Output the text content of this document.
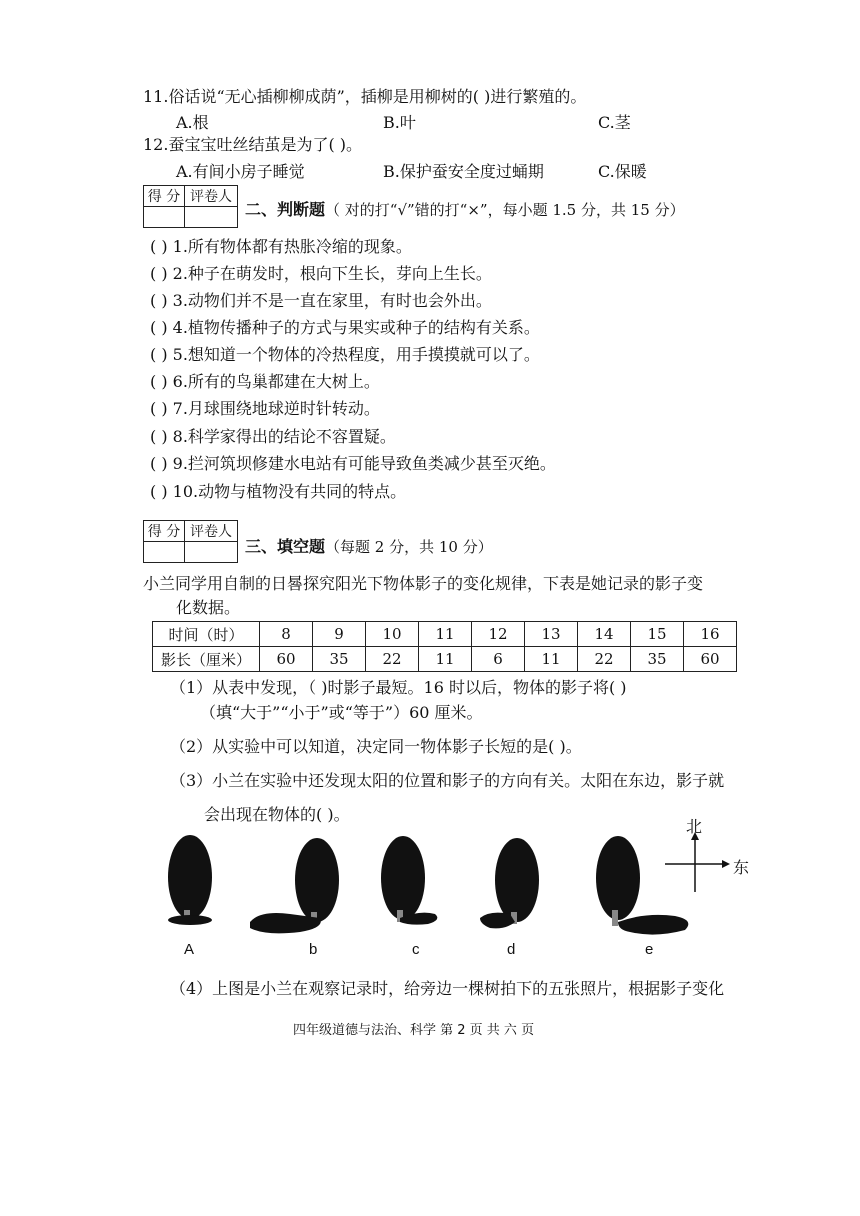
11.俗话说“无心插柳柳成荫”，插柳是用柳树的( )进行繁殖的。
A.根	B.叶	C.茎
12.蚕宝宝吐丝结茧是为了( )。
A.有间小房子睡觉	B.保护蚕安全度过蛹期	C.保暖
得 分	评卷人

二、判断题（ 对的打“√”错的打“×”，每小题 1.5 分，共 15 分）
( ) 1.所有物体都有热胀冷缩的现象。
( ) 2.种子在萌发时，根向下生长，芽向上生长。
( ) 3.动物们并不是一直在家里，有时也会外出。
( ) 4.植物传播种子的方式与果实或种子的结构有关系。
( ) 5.想知道一个物体的冷热程度，用手摸摸就可以了。
( ) 6.所有的鸟巢都建在大树上。
( ) 7.月球围绕地球逆时针转动。
( ) 8.科学家得出的结论不容置疑。
( ) 9.拦河筑坝修建水电站有可能导致鱼类减少甚至灭绝。
( ) 10.动物与植物没有共同的特点。
得 分	评卷人

三、填空题（每题 2 分，共 10 分）
小兰同学用自制的日晷探究阳光下物体影子的变化规律，下表是她记录的影子变
化数据。
时间（时）	8	9	10	11	12	13	14	15	16
影长（厘米）	60	35	22	11	6	11	22	35	60
（1）从表中发现，（ )时影子最短。16 时以后，物体的影子将( )
（填“大于”“小于”或“等于”）60 厘米。
（2）从实验中可以知道，决定同一物体影子长短的是( )。
（3）小兰在实验中还发现太阳的位置和影子的方向有关。太阳在东边，影子就
会出现在物体的( )。
北
东
A	b	c	d	e
（4）上图是小兰在观察记录时，给旁边一棵树拍下的五张照片，根据影子变化
四年级道德与法治、科学 第 2 页 共 六 页
